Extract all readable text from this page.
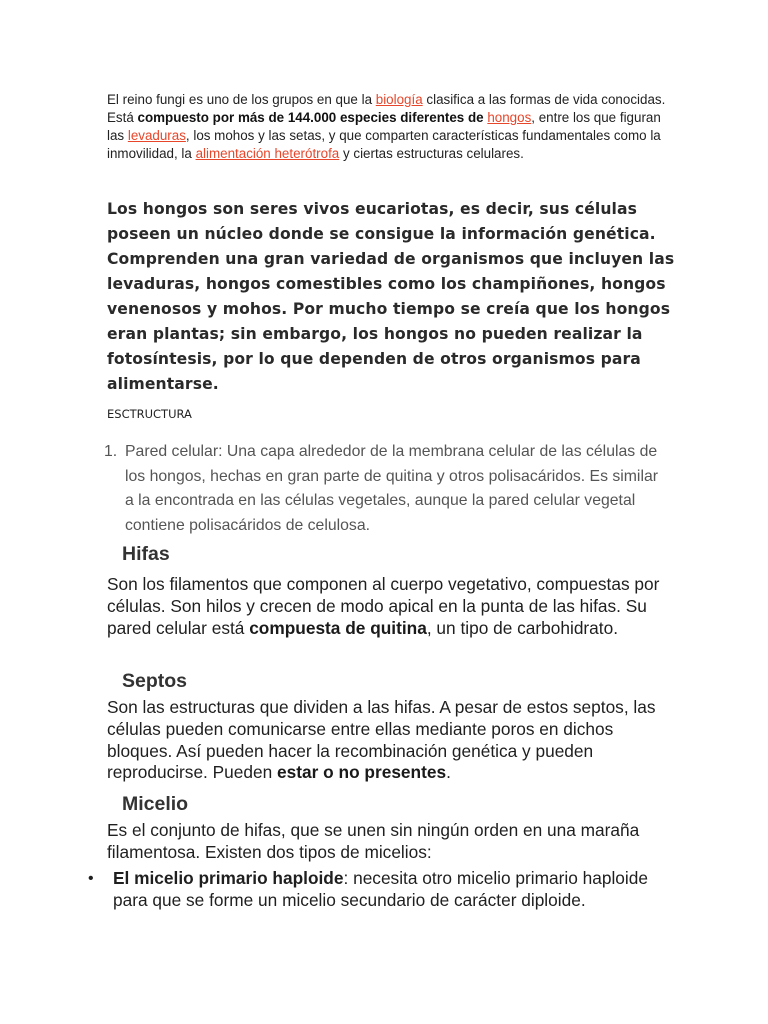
El reino fungi es uno de los grupos en que la biología clasifica a las formas de vida conocidas. Está compuesto por más de 144.000 especies diferentes de hongos, entre los que figuran las levaduras, los mohos y las setas, y que comparten características fundamentales como la inmovilidad, la alimentación heterótrofa y ciertas estructuras celulares.

Los hongos son seres vivos eucariotas, es decir, sus células poseen un núcleo donde se consigue la información genética. Comprenden una gran variedad de organismos que incluyen las levaduras, hongos comestibles como los champiñones, hongos venenosos y mohos. Por mucho tiempo se creía que los hongos eran plantas; sin embargo, los hongos no pueden realizar la fotosíntesis, por lo que dependen de otros organismos para alimentarse.

ESCTRUCTURA
1. Pared celular: Una capa alrededor de la membrana celular de las células de los hongos, hechas en gran parte de quitina y otros polisacáridos. Es similar a la encontrada en las células vegetales, aunque la pared celular vegetal contiene polisacáridos de celulosa.
Hifas

Son los filamentos que componen al cuerpo vegetativo, compuestas por células. Son hilos y crecen de modo apical en la punta de las hifas. Su pared celular está compuesta de quitina, un tipo de carbohidrato.

Septos

Son las estructuras que dividen a las hifas. A pesar de estos septos, las células pueden comunicarse entre ellas mediante poros en dichos bloques. Así pueden hacer la recombinación genética y pueden reproducirse. Pueden estar o no presentes.

Micelio

Es el conjunto de hifas, que se unen sin ningún orden en una maraña filamentosa. Existen dos tipos de micelios:

• El micelio primario haploide: necesita otro micelio primario haploide para que se forme un micelio secundario de carácter diploide.
